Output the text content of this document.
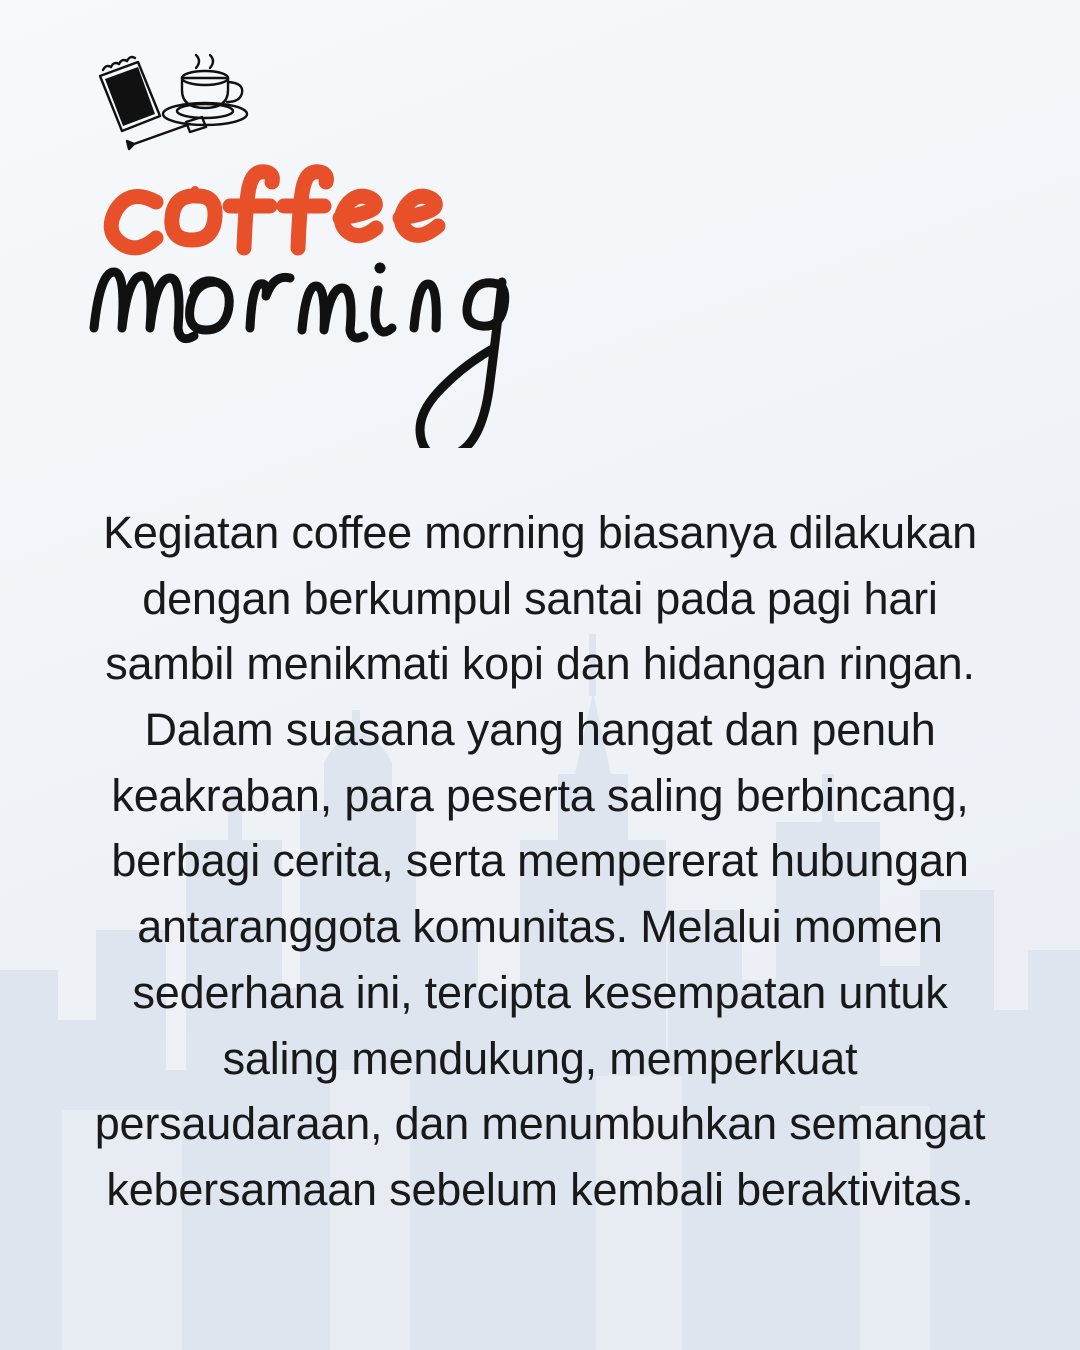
Kegiatan coffee morning biasanya dilakukan dengan berkumpul santai pada pagi hari sambil menikmati kopi dan hidangan ringan. Dalam suasana yang hangat dan penuh keakraban, para peserta saling berbincang, berbagi cerita, serta mempererat hubungan antaranggota komunitas. Melalui momen sederhana ini, tercipta kesempatan untuk saling mendukung, memperkuat persaudaraan, dan menumbuhkan semangat kebersamaan sebelum kembali beraktivitas.
